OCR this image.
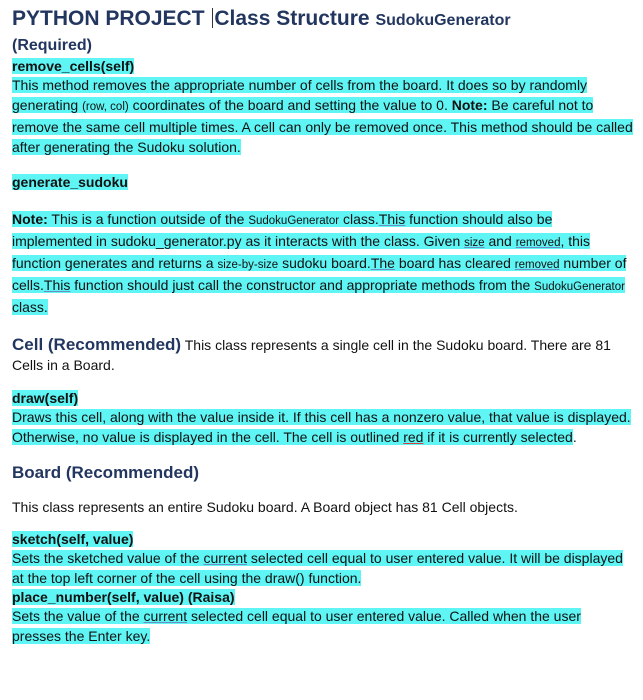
PYTHON PROJECT Class Structure SudokuGenerator
(Required)
remove_cells(self)
This method removes the appropriate number of cells from the board. It does so by randomly generating (row, col) coordinates of the board and setting the value to 0. Note: Be careful not to remove the same cell multiple times. A cell can only be removed once. This method should be called after generating the Sudoku solution.
generate_sudoku
Note: This is a function outside of the SudokuGenerator class.This function should also be implemented in sudoku_generator.py as it interacts with the class. Given size and removed, this function generates and returns a size-by-size sudoku board.The board has cleared removed number of cells.This function should just call the constructor and appropriate methods from the SudokuGenerator class.
Cell (Recommended) This class represents a single cell in the Sudoku board. There are 81 Cells in a Board.
draw(self)
Draws this cell, along with the value inside it. If this cell has a nonzero value, that value is displayed. Otherwise, no value is displayed in the cell. The cell is outlined red if it is currently selected.
Board (Recommended)
This class represents an entire Sudoku board. A Board object has 81 Cell objects.
sketch(self, value)
Sets the sketched value of the current selected cell equal to user entered value. It will be displayed at the top left corner of the cell using the draw() function.
place_number(self, value) (Raisa)
Sets the value of the current selected cell equal to user entered value. Called when the user presses the Enter key.
